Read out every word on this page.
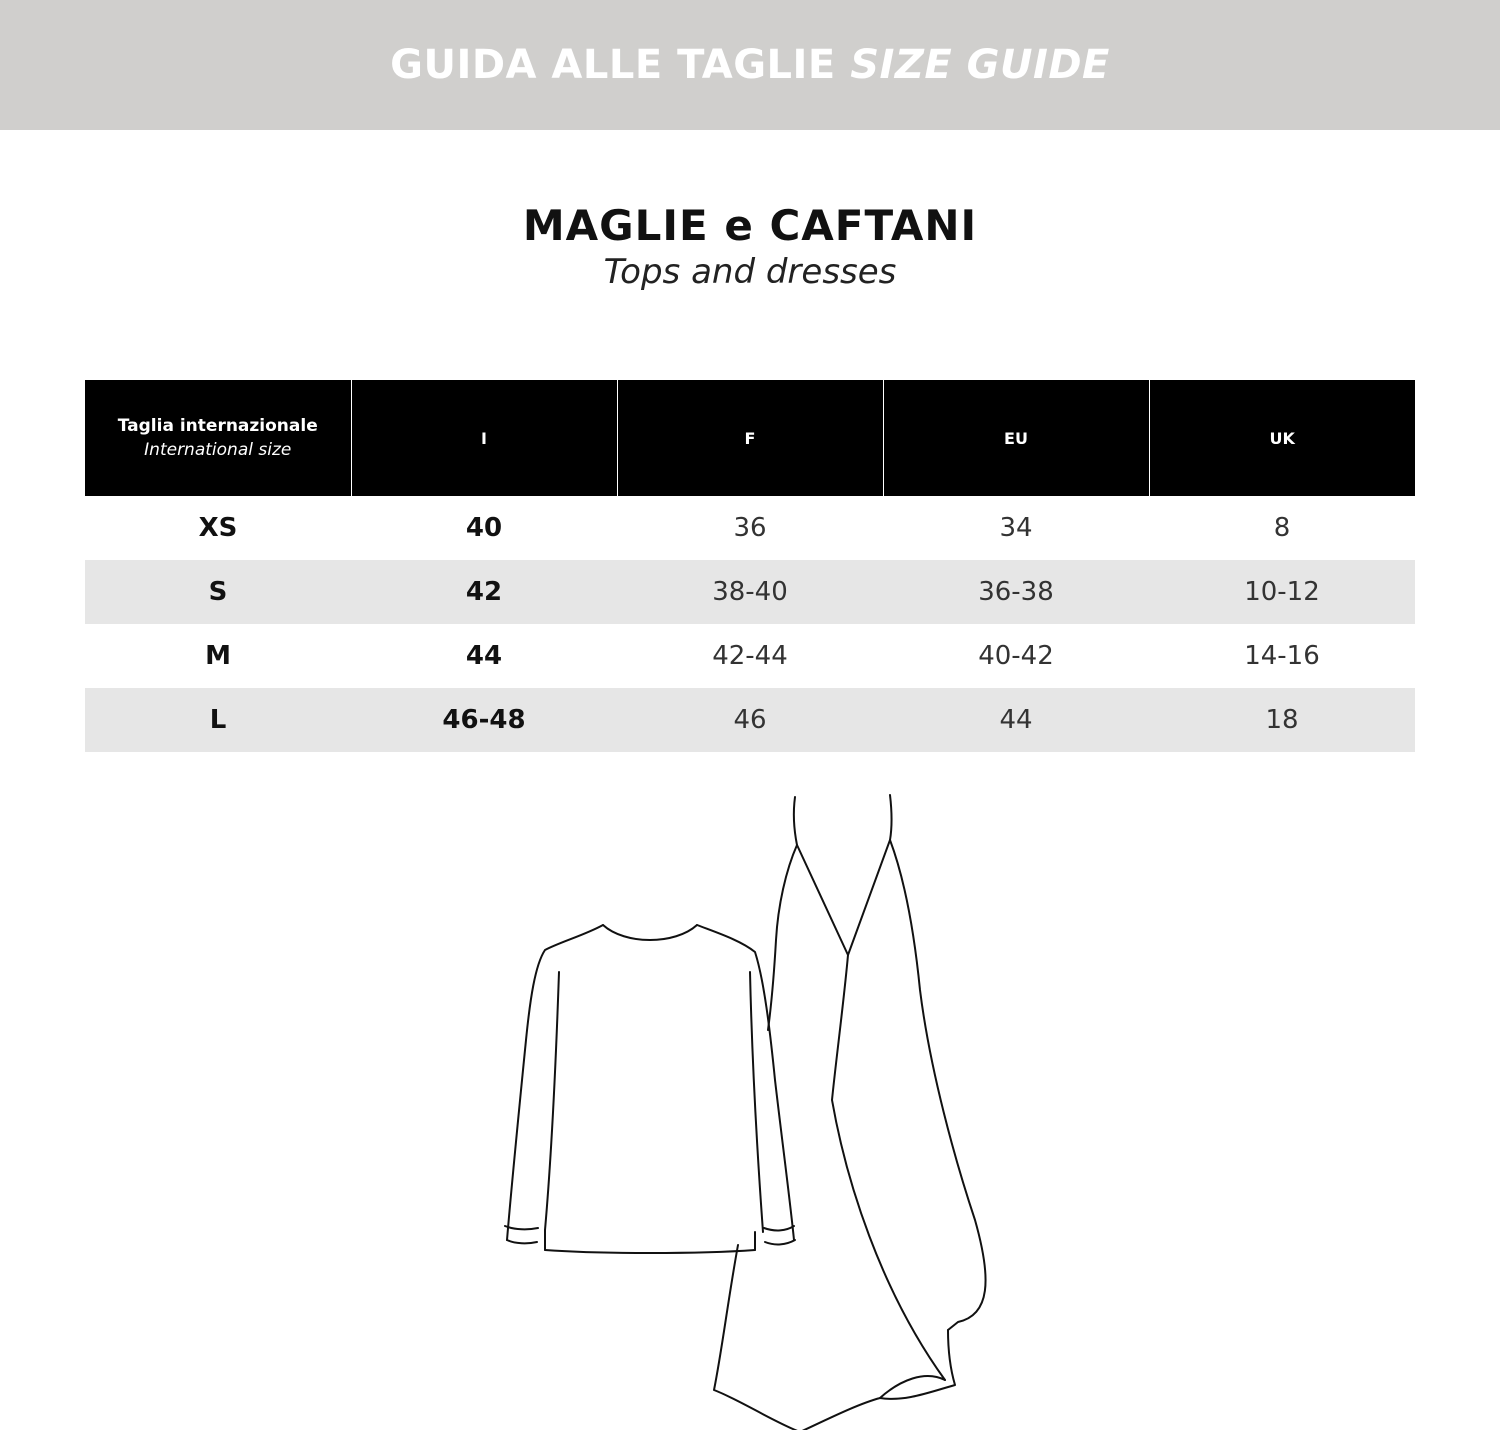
GUIDA ALLE TAGLIE SIZE GUIDE
MAGLIE e CAFTANI
Tops and dresses
Taglia internazionale
International size	I	F	EU	UK
XS	40	36	34	8
S	42	38-40	36-38	10-12
M	44	42-44	40-42	14-16
L	46-48	46	44	18
